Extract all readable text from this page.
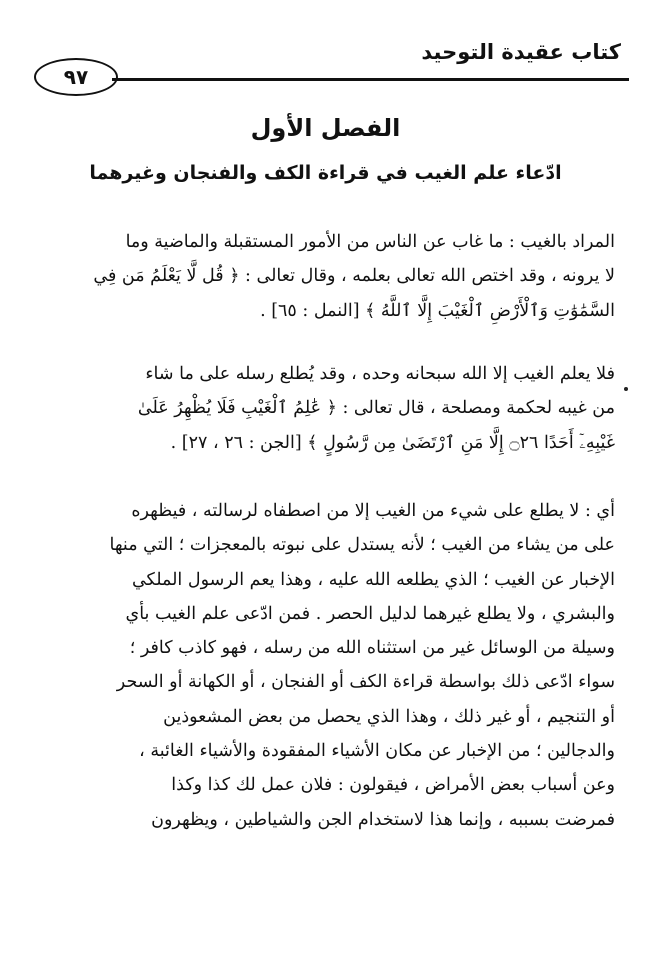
كتاب عقيدة التوحيد
٩٧
الفصل الأول
ادّعاء علم الغيب في قراءة الكف والفنجان وغيرهما
المراد بالغيب : ما غاب عن الناس من الأمور المستقبلة والماضية وما
لا يرونه ، وقد اختص الله تعالى بعلمه ، وقال تعالى : ﴿ قُل لَّا يَعْلَمُ مَن فِي
السَّمَٰوَٰتِ وَٱلْأَرْضِ ٱلْغَيْبَ إِلَّا ٱللَّهُ ﴾ [النمل : ٦٥] .
فلا يعلم الغيب إلا الله سبحانه وحده ، وقد يُطلع رسله على ما شاء
من غيبه لحكمة ومصلحة ، قال تعالى : ﴿ عَٰلِمُ ٱلْغَيْبِ فَلَا يُظْهِرُ عَلَىٰ
غَيْبِهِۦٓ أَحَدًا ۝٢٦ إِلَّا مَنِ ٱرْتَضَىٰ مِن رَّسُولٍ ﴾ [الجن : ٢٦ ، ٢٧] .
أي : لا يطلع على شيء من الغيب إلا من اصطفاه لرسالته ، فيظهره
على من يشاء من الغيب ؛ لأنه يستدل على نبوته بالمعجزات ؛ التي منها
الإخبار عن الغيب ؛ الذي يطلعه الله عليه ، وهذا يعم الرسول الملكي
والبشري ، ولا يطلع غيرهما لدليل الحصر . فمن ادّعى علم الغيب بأي
وسيلة من الوسائل غير من استثناه الله من رسله ، فهو كاذب كافر ؛
سواء ادّعى ذلك بواسطة قراءة الكف أو الفنجان ، أو الكهانة أو السحر
أو التنجيم ، أو غير ذلك ، وهذا الذي يحصل من بعض المشعوذين
والدجالين ؛ من الإخبار عن مكان الأشياء المفقودة والأشياء الغائبة ،
وعن أسباب بعض الأمراض ، فيقولون : فلان عمل لك كذا وكذا
فمرضت بسببه ، وإنما هذا لاستخدام الجن والشياطين ، ويظهرون
